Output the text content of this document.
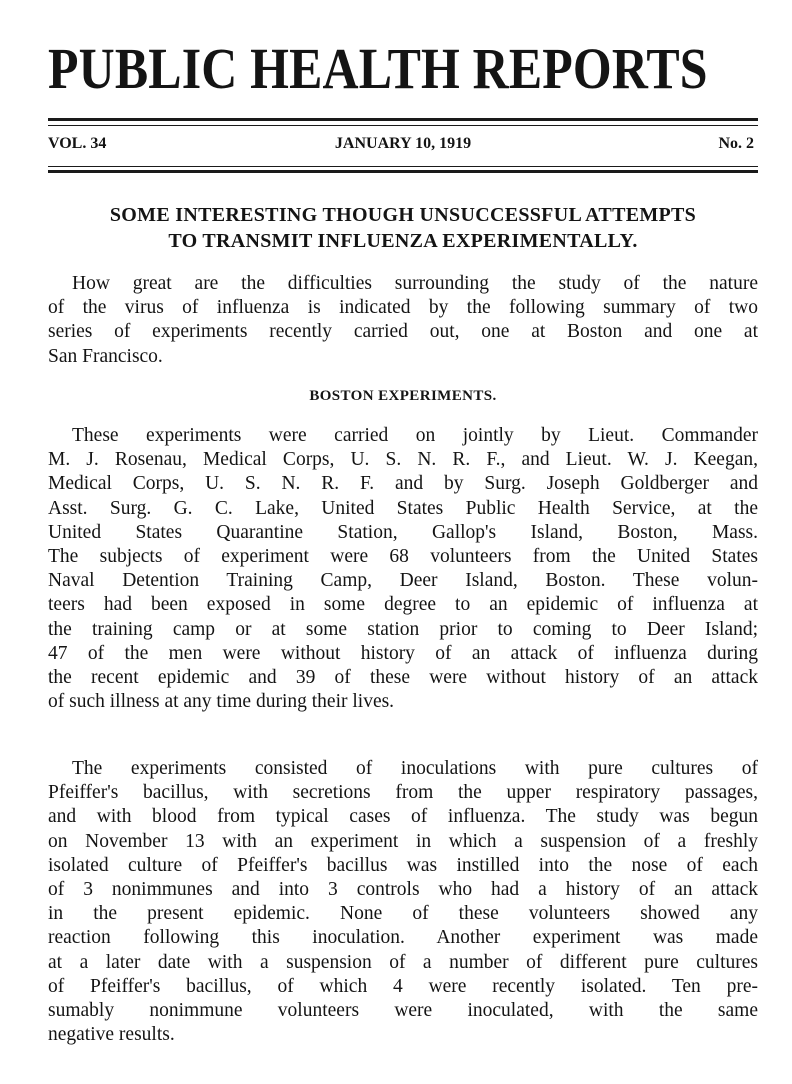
PUBLIC HEALTH REPORTS
VOL. 34	JANUARY 10, 1919	No. 2
SOME INTERESTING THOUGH UNSUCCESSFUL ATTEMPTS
TO TRANSMIT INFLUENZA EXPERIMENTALLY.
How great are the difficulties surrounding the study of the nature
of the virus of influenza is indicated by the following summary of two
series of experiments recently carried out, one at Boston and one at
San Francisco.
BOSTON EXPERIMENTS.
These experiments were carried on jointly by Lieut. Commander
M. J. Rosenau, Medical Corps, U. S. N. R. F., and Lieut. W. J. Keegan,
Medical Corps, U. S. N. R. F. and by Surg. Joseph Goldberger and
Asst. Surg. G. C. Lake, United States Public Health Service, at the
United States Quarantine Station, Gallop's Island, Boston, Mass.
The subjects of experiment were 68 volunteers from the United States
Naval Detention Training Camp, Deer Island, Boston. These volun-
teers had been exposed in some degree to an epidemic of influenza at
the training camp or at some station prior to coming to Deer Island;
47 of the men were without history of an attack of influenza during
the recent epidemic and 39 of these were without history of an attack
of such illness at any time during their lives.
The experiments consisted of inoculations with pure cultures of
Pfeiffer's bacillus, with secretions from the upper respiratory passages,
and with blood from typical cases of influenza. The study was begun
on November 13 with an experiment in which a suspension of a freshly
isolated culture of Pfeiffer's bacillus was instilled into the nose of each
of 3 nonimmunes and into 3 controls who had a history of an attack
in the present epidemic. None of these volunteers showed any
reaction following this inoculation. Another experiment was made
at a later date with a suspension of a number of different pure cultures
of Pfeiffer's bacillus, of which 4 were recently isolated. Ten pre-
sumably nonimmune volunteers were inoculated, with the same
negative results.
